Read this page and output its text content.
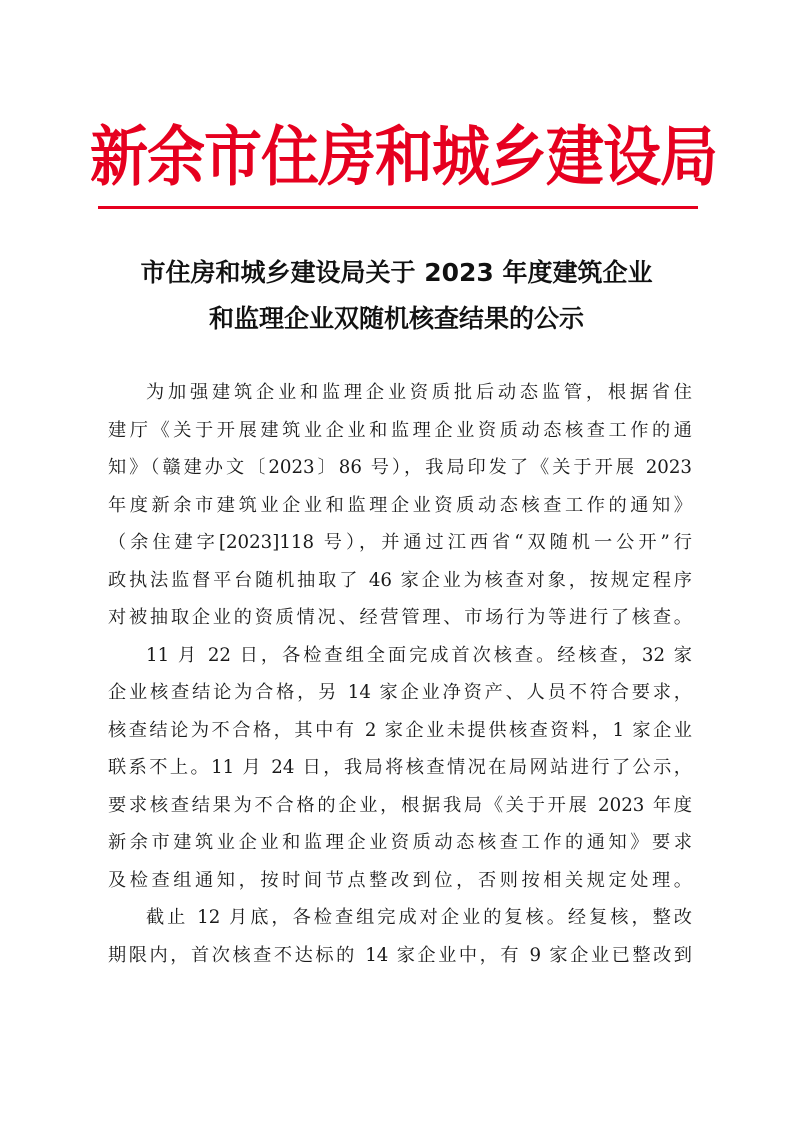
新余市住房和城乡建设局
市住房和城乡建设局关于 2023 年度建筑企业
和监理企业双随机核查结果的公示
为加强建筑企业和监理企业资质批后动态监管，根据省住
建厅《关于开展建筑业企业和监理企业资质动态核查工作的通
知》（赣建办文〔2023〕86 号），我局印发了《关于开展 2023
年度新余市建筑业企业和监理企业资质动态核查工作的通知》
（余住建字[2023]118 号），并通过江西省“双随机一公开”行
政执法监督平台随机抽取了 46 家企业为核查对象，按规定程序
对被抽取企业的资质情况、经营管理、市场行为等进行了核查。
11 月 22 日，各检查组全面完成首次核查。经核查，32 家
企业核查结论为合格，另 14 家企业净资产、人员不符合要求，
核查结论为不合格，其中有 2 家企业未提供核查资料，1 家企业
联系不上。11 月 24 日，我局将核查情况在局网站进行了公示，
要求核查结果为不合格的企业，根据我局《关于开展 2023 年度
新余市建筑业企业和监理企业资质动态核查工作的通知》要求
及检查组通知，按时间节点整改到位，否则按相关规定处理。
截止 12 月底，各检查组完成对企业的复核。经复核，整改
期限内，首次核查不达标的 14 家企业中，有 9 家企业已整改到
